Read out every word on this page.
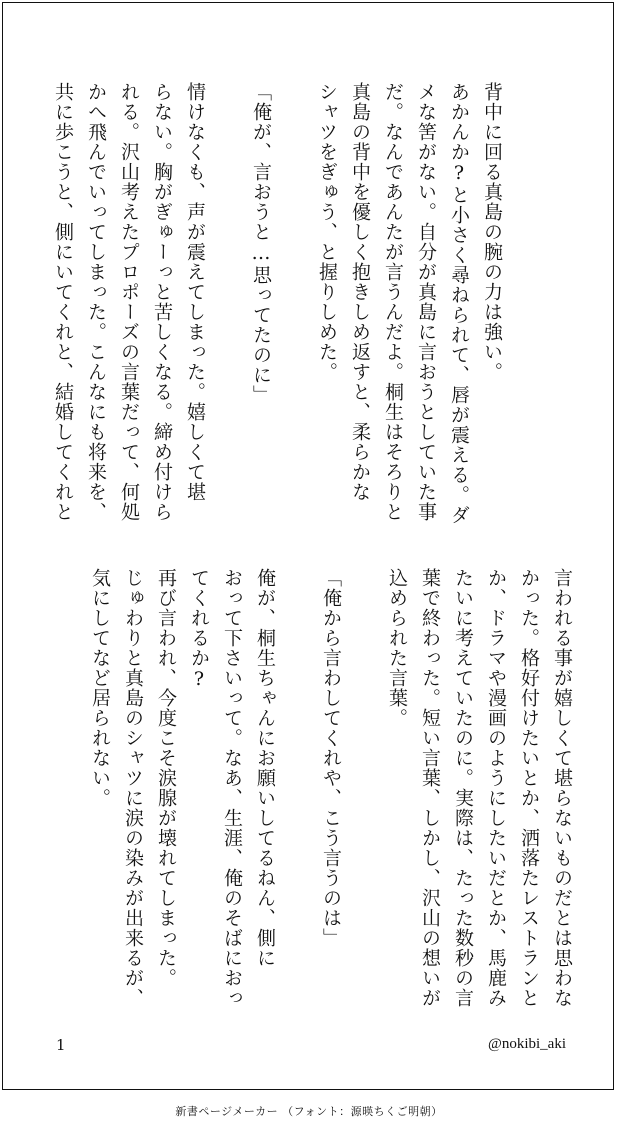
背中に回る真島の腕の力は強い。

あかんか?と小さく尋ねられて、唇が震える。ダ

メな筈がない。自分が真島に言おうとしていた事

だ。なんであんたが言うんだよ。桐生はそろりと

真島の背中を優しく抱きしめ返すと、柔らかな

シャツをぎゅう、と握りしめた。

「俺が、言おうと…思ってたのに」

情けなくも、声が震えてしまった。嬉しくて堪

らない。胸がぎゅーっと苦しくなる。締め付けら

れる。沢山考えたプロポーズの言葉だって、何処

かへ飛んでいってしまった。こんなにも将来を、

共に歩こうと、側にいてくれと、結婚してくれと

言われる事が嬉しくて堪らないものだとは思わな

かった。格好付けたいとか、洒落たレストランと

か、ドラマや漫画のようにしたいだとか、馬鹿み

たいに考えていたのに。実際は、たった数秒の言

葉で終わった。短い言葉、しかし、沢山の想いが

込められた言葉。

「俺から言わしてくれや、こう言うのは」

俺が、桐生ちゃんにお願いしてるねん、側に

おって下さいって。なあ、生涯、俺のそばにおっ

てくれるか?

再び言われ、今度こそ涙腺が壊れてしまった。

じゅわりと真島のシャツに涙の染みが出来るが、

気にしてなど居られない。

1	@nokibi_aki
新書ページメーカー （フォント：源暎ちくご明朝）
